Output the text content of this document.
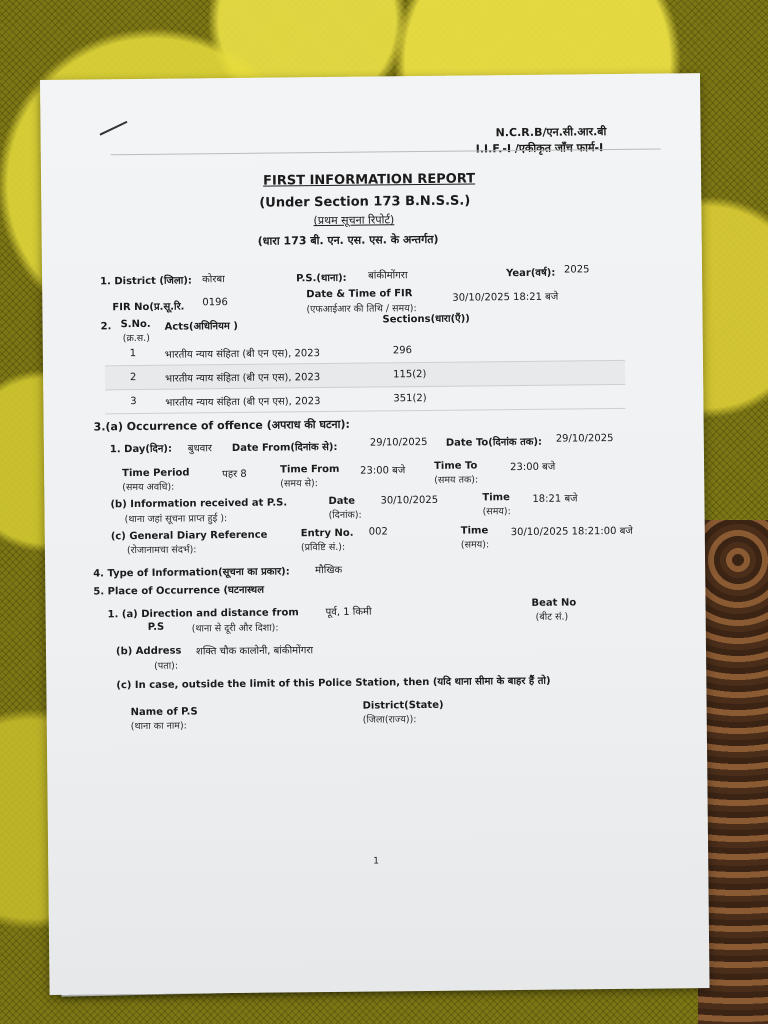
N.C.R.B/एन.सी.आर.बी
I.I.F.-I /एकीकृत जाँच फार्म-I
FIRST INFORMATION REPORT
(Under Section 173 B.N.S.S.)
(प्रथम सूचना रिपोर्ट)
(धारा 173 बी. एन. एस. एस. के अन्तर्गत)
1. District (जिला): कोरबा	P.S.(थाना): बांकीमोंगरा	Year(वर्ष): 2025
FIR No(प्र.सू.रि. 0196
Date & Time of FIR
(एफआईआर की तिथि / समय):
30/10/2025 18:21 बजे
2. S.No.
(क्र.स.)
Acts(अधिनियम )
Sections(धारा(एँ))
1	भारतीय न्याय संहिता (बी एन एस), 2023	296
2	भारतीय न्याय संहिता (बी एन एस), 2023	115(2)
3	भारतीय न्याय संहिता (बी एन एस), 2023	351(2)
3.(a) Occurrence of offence (अपराध की घटना):
1. Day(दिन): बुधवार Date From(दिनांक से):	29/10/2025 Date To(दिनांक तक): 29/10/2025
Time Period
(समय अवधि):
पहर 8	Time From
(समय से):
23:00 बजे	Time To
(समय तक):
23:00 बजे
(b) Information received at P.S.
(थाना जहां सूचना प्राप्त हुई ):
Date
(दिनांक):
30/10/2025	Time
(समय):
18:21 बजे
(c) General Diary Reference
(रोजानामचा संदर्भ):
Entry No.
(प्रविष्टि सं.):
002	Time
(समय):
30/10/2025 18:21:00 बजे
4. Type of Information(सूचना का प्रकार):	मौखिक
5. Place of Occurrence (घटनास्थल
1. (a) Direction and distance from
P.S	(थाना से दूरी और दिशा):
पूर्व, 1 किमी
Beat No
(बीट सं.)
(b) Address शक्ति चौक कालोनी, बांकीमाेंगरा
(पता):
(c) In case, outside the limit of this Police Station, then (यदि थाना सीमा के बाहर हैं तो)
Name of P.S
(थाना का नाम):
District(State)
(जिला(राज्य)):
1
